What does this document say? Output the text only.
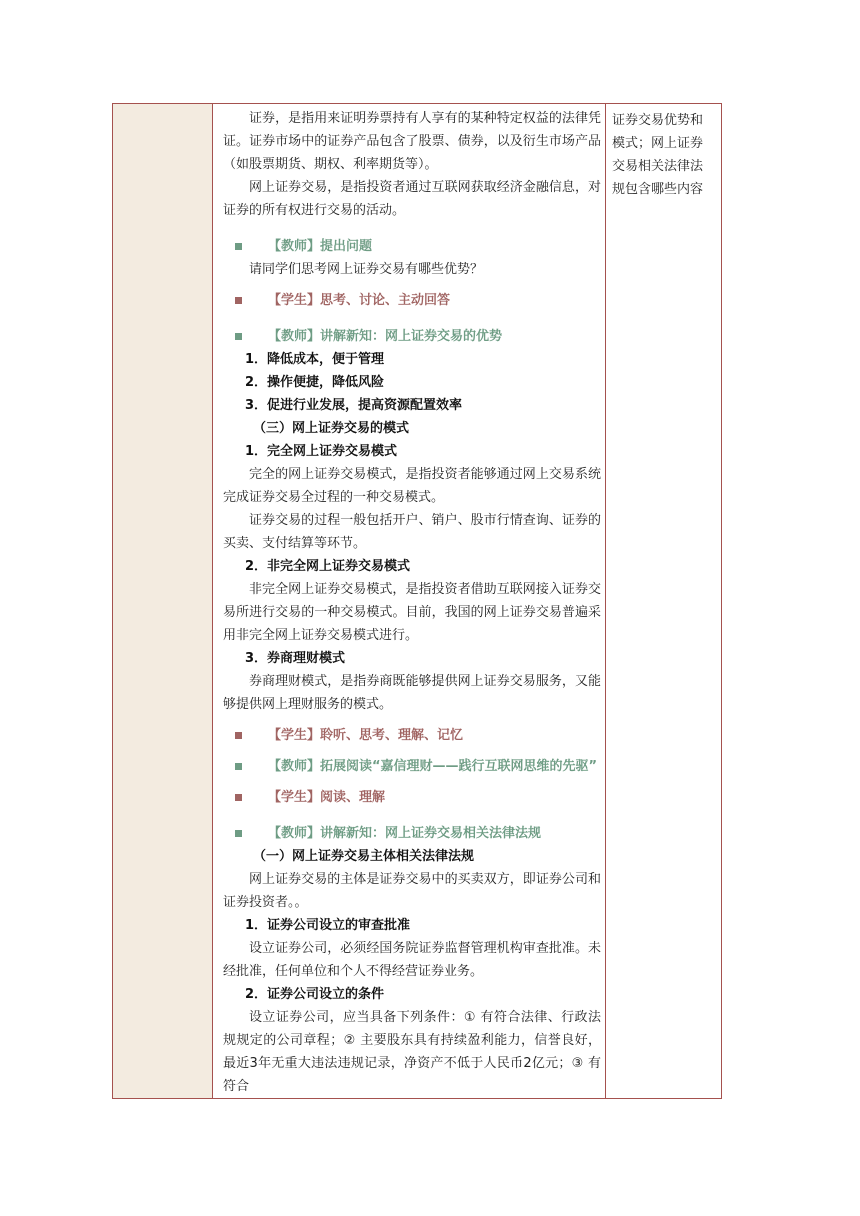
证券，是指用来证明券票持有人享有的某种特定权益的法律凭证。证券市场中的证券产品包含了股票、债券，以及衍生市场产品（如股票期货、期权、利率期货等）。

网上证券交易，是指投资者通过互联网获取经济金融信息，对证券的所有权进行交易的活动。

【教师】提出问题

请同学们思考网上证券交易有哪些优势？

【学生】思考、讨论、主动回答

【教师】讲解新知：网上证券交易的优势

1．降低成本，便于管理

2．操作便捷，降低风险

3．促进行业发展，提高资源配置效率

（三）网上证券交易的模式

1．完全网上证券交易模式

完全的网上证券交易模式，是指投资者能够通过网上交易系统完成证券交易全过程的一种交易模式。

证券交易的过程一般包括开户、销户、股市行情查询、证券的买卖、支付结算等环节。

2．非完全网上证券交易模式

非完全网上证券交易模式，是指投资者借助互联网接入证券交易所进行交易的一种交易模式。目前，我国的网上证券交易普遍采用非完全网上证券交易模式进行。

3．券商理财模式

券商理财模式，是指券商既能够提供网上证券交易服务，又能够提供网上理财服务的模式。

【学生】聆听、思考、理解、记忆

【教师】拓展阅读“嘉信理财——践行互联网思维的先驱”

【学生】阅读、理解

【教师】讲解新知：网上证券交易相关法律法规

（一）网上证券交易主体相关法律法规

网上证券交易的主体是证券交易中的买卖双方，即证券公司和证券投资者。。

1．证券公司设立的审查批准

设立证券公司，必须经国务院证券监督管理机构审查批准。未经批准，任何单位和个人不得经营证券业务。

2．证券公司设立的条件

设立证券公司，应当具备下列条件：① 有符合法律、行政法规规定的公司章程；② 主要股东具有持续盈利能力，信誉良好，最近3年无重大违法违规记录，净资产不低于人民币2亿元；③ 有符合

证券交易优势和模式；网上证券交易相关法律法规包含哪些内容
